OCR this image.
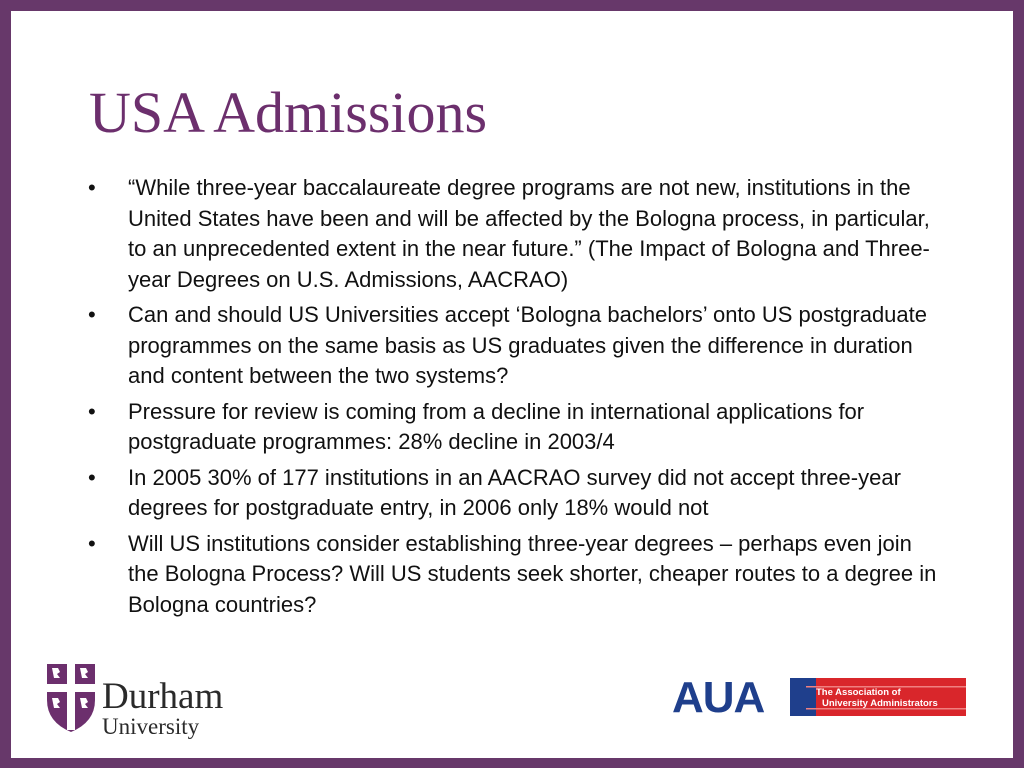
USA Admissions
•	“While three-year baccalaureate degree programs are not new, institutions in the United States have been and will be affected by the Bologna process, in particular, to an unprecedented extent in the near future.” (The Impact of Bologna and Three-year Degrees on U.S. Admissions, AACRAO)
•	Can and should US Universities accept ‘Bologna bachelors’ onto US postgraduate programmes on the same basis as US graduates given the difference in duration and content between the two systems?
•	Pressure for review is coming from a decline in international applications for postgraduate programmes: 28% decline in 2003/4
•	In 2005 30% of 177 institutions in an AACRAO survey did not accept three-year degrees for postgraduate entry, in 2006 only 18% would not
•	Will US institutions consider establishing three-year degrees – perhaps even join the Bologna Process? Will US students seek shorter, cheaper routes to a degree in Bologna countries?
Durham
University
AUA	The Association of
University Administrators
